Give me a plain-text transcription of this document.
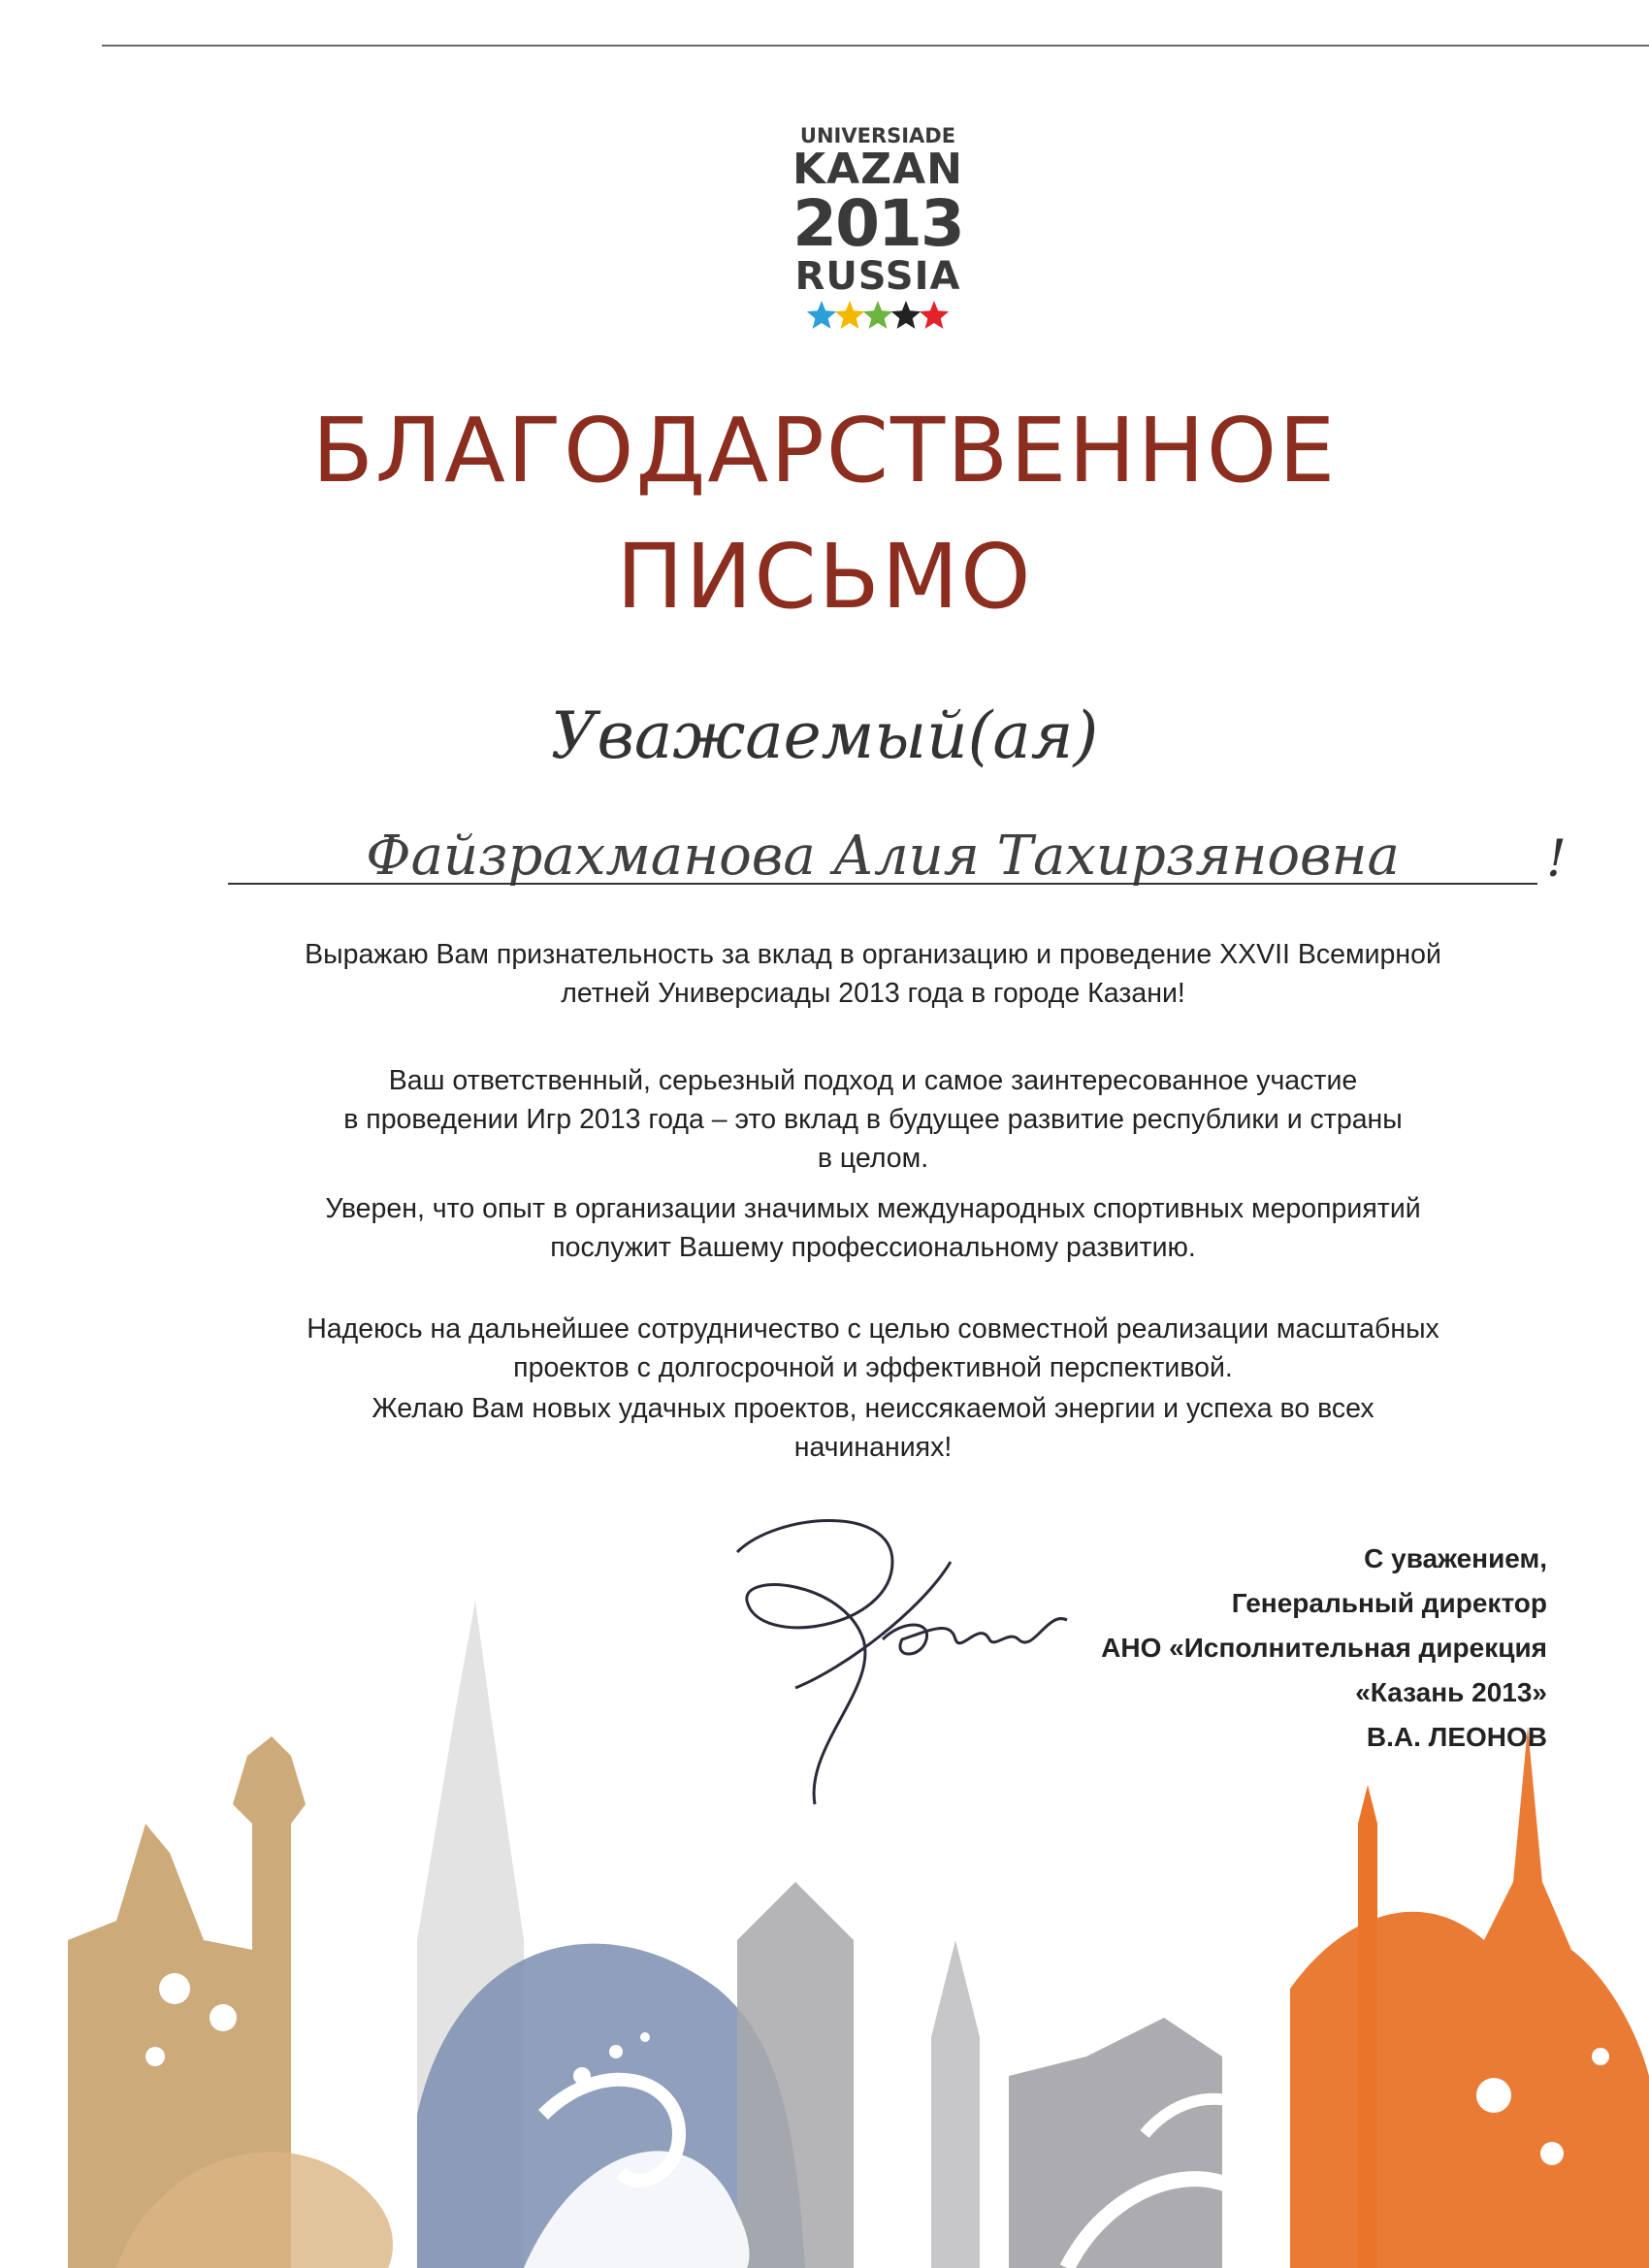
UNIVERSIADE
KAZAN
2013
RUSSIA
БЛАГОДАРСТВЕННОЕ
ПИСЬМО
Уважаемый(ая)
Файзрахманова Алия Тахирзяновна	!

Выражаю Вам признательность за вклад в организацию и проведение XXVII Всемирной

летней Универсиады 2013 года в городе Казани!

Ваш ответственный, серьезный подход и самое заинтересованное участие

в проведении Игр 2013 года – это вклад в будущее развитие республики и страны

в целом.

Уверен, что опыт в организации значимых международных спортивных мероприятий

послужит Вашему профессиональному развитию.

Надеюсь на дальнейшее сотрудничество с целью совместной реализации масштабных

проектов с долгосрочной и эффективной перспективой.

Желаю Вам новых удачных проектов, неиссякаемой энергии и успеха во всех

начинаниях!

С уважением,
Генеральный директор
АНО «Исполнительная дирекция
«Казань 2013»
В.А. ЛЕОНОВ
